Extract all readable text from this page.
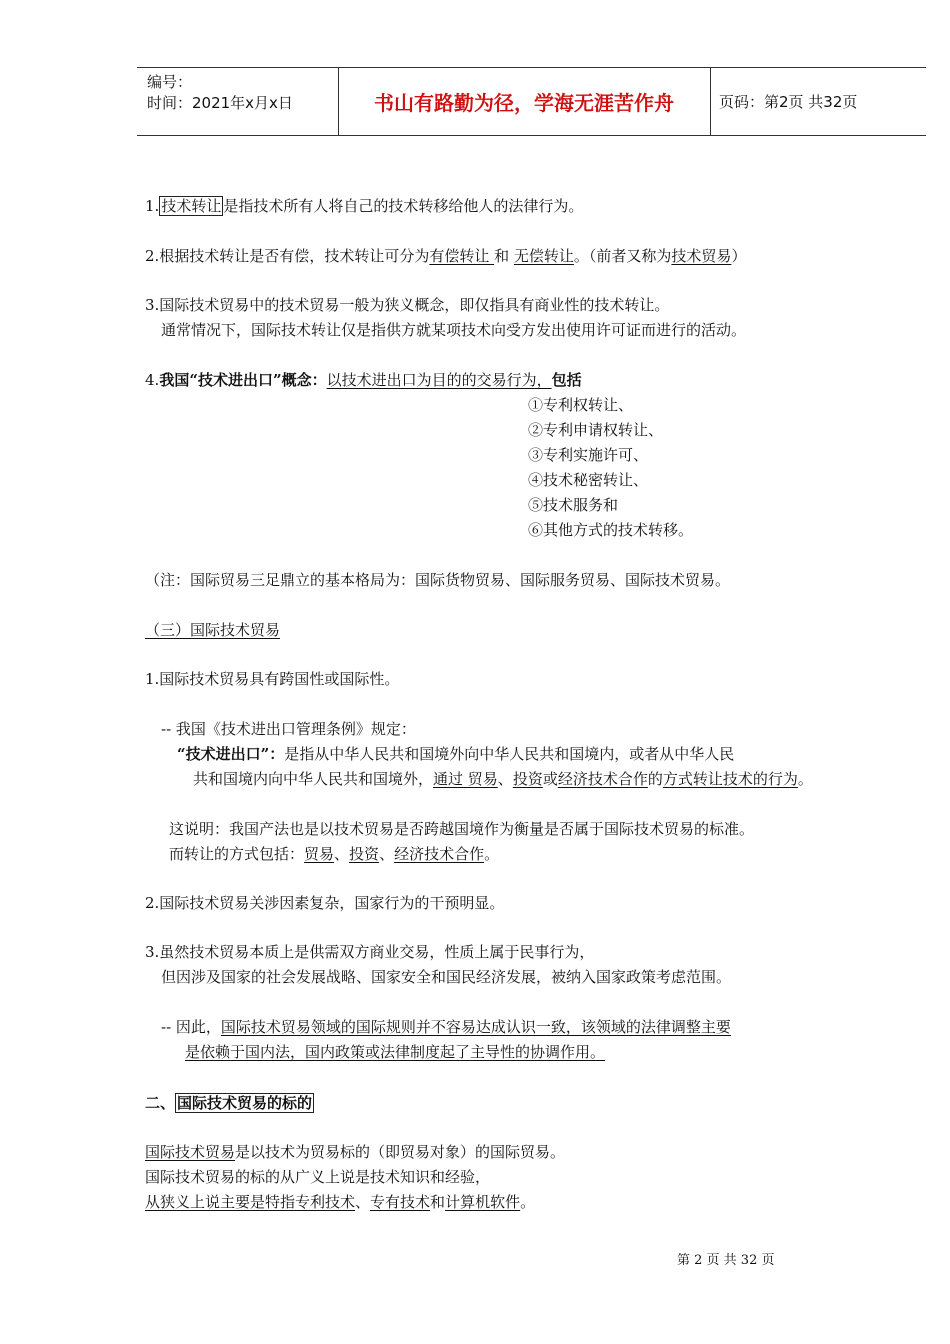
编号：
时间：2021年x月x日	书山有路勤为径，学海无涯苦作舟	页码：第2页 共32页
1. 技术转让 是指技术所有人将自己的技术转移给他人的法律行为。
2.根据技术转让是否有偿，技术转让可分为有偿转让 和 无偿转让。（前者又称为技术贸易）
3.国际技术贸易中的技术贸易一般为狭义概念，即仅指具有商业性的技术转让。
通常情况下，国际技术转让仅是指供方就某项技术向受方发出使用许可证而进行的活动。
4.我国“技术进出口”概念：以技术进出口为目的的交易行为，包括
①专利权转让、
②专利申请权转让、
③专利实施许可、
④技术秘密转让、
⑤技术服务和
⑥其他方式的技术转移。
（注：国际贸易三足鼎立的基本格局为：国际货物贸易、国际服务贸易、国际技术贸易。
（三）国际技术贸易
1.国际技术贸易具有跨国性或国际性。
-- 我国《技术进出口管理条例》规定：
“技术进出口”：是指从中华人民共和国境外向中华人民共和国境内，或者从中华人民
共和国境内向中华人民共和国境外，通过 贸易、投资或经济技术合作的方式转让技术的行为。
这说明：我国产法也是以技术贸易是否跨越国境作为衡量是否属于国际技术贸易的标准。
而转让的方式包括：贸易、投资、经济技术合作。
2.国际技术贸易关涉因素复杂，国家行为的干预明显。
3.虽然技术贸易本质上是供需双方商业交易，性质上属于民事行为，
但因涉及国家的社会发展战略、国家安全和国民经济发展，被纳入国家政策考虑范围。
-- 因此，国际技术贸易领域的国际规则并不容易达成认识一致，该领域的法律调整主要
是依赖于国内法，国内政策或法律制度起了主导性的协调作用。
二、 国际技术贸易的标的
国际技术贸易是以技术为贸易标的（即贸易对象）的国际贸易。
国际技术贸易的标的从广义上说是技术知识和经验，
从狭义上说主要是特指专利技术、专有技术和计算机软件。
第 2 页 共 32 页
